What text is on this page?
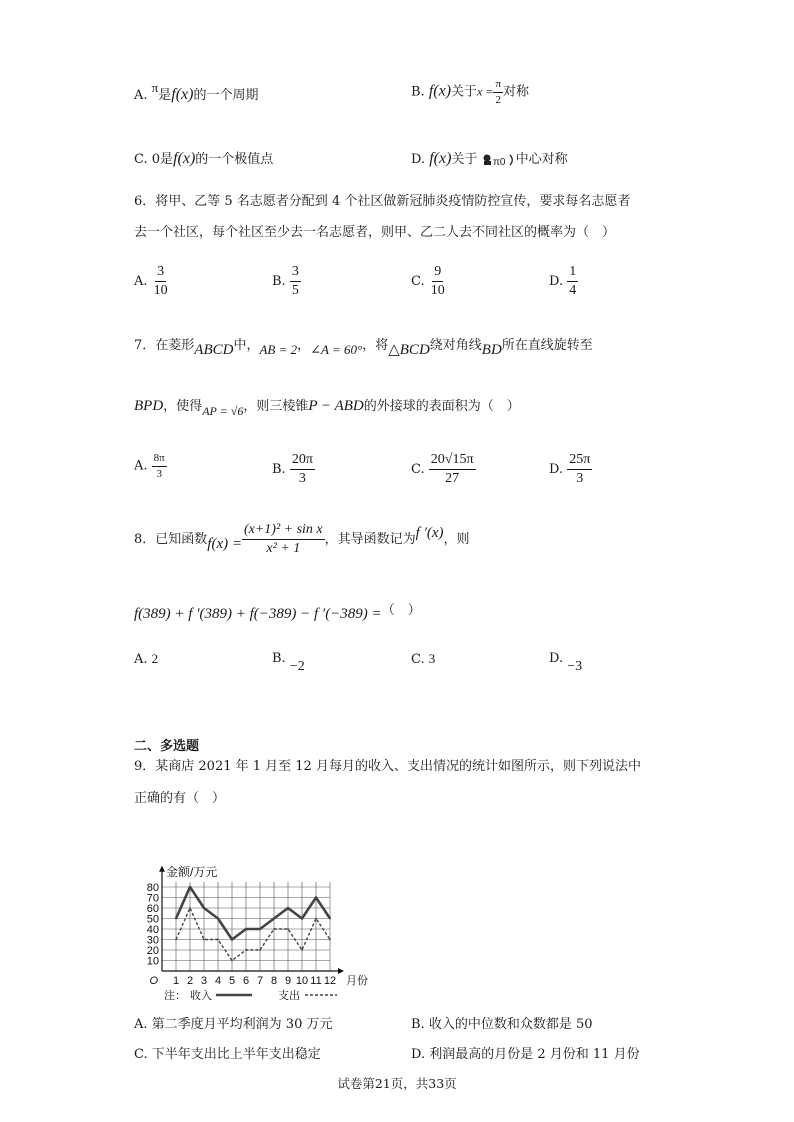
A. π是f(x)的一个周期	B. f(x)关于$x = \frac{\pi}{2}$ 对称
C. 0是f(x)的一个极值点	D. f(x)关于 π0 中心对称
6．将甲、乙等 5 名志愿者分配到 4 个社区做新冠肺炎疫情防控宣传，要求每名志愿者
去一个社区，每个社区至少去一名志愿者，则甲、乙二人去不同社区的概率为（　）
A. $\frac{3}{10}$	B. $\frac{3}{5}$	C. $\frac{9}{10}$	D. $\frac{1}{4}$
7．在菱形ABCD中，AB = 2，∠A = 60°，将△BCD绕对角线BD所在直线旋转至
BPD，使得AP = √6，则三棱锥P − ABD的外接球的表面积为（　）
A. $\frac{8\pi}{3}$	B. $\frac{20\pi}{3}$	C. $\frac{20√15\pi}{27}$	D. $\frac{25\pi}{3}$
8．已知函数$f(x) = \frac{\text{(x+1)² + sin x}}{\text{x² + 1}}$ ，其导函数记为f ′(x)，则
f(389) + f ′(389) + f(−389) − f ′(−389) =（　）
A. 2	B. −2	C. 3	D. −3
二、多选题
9．某商店 2021 年 1 月至 12 月每月的收入、支出情况的统计如图所示，则下列说法中
正确的有（　）
10
20
30
40
50
60
70
80
1 2 3 4 5 6 7 8 9 10 11 12
O
金额/万元
月份
注： 收入	支出
A. 第二季度月平均利润为 30 万元	B. 收入的中位数和众数都是 50
C. 下半年支出比上半年支出稳定	D. 利润最高的月份是 2 月份和 11 月份
试卷第21页，共33页
